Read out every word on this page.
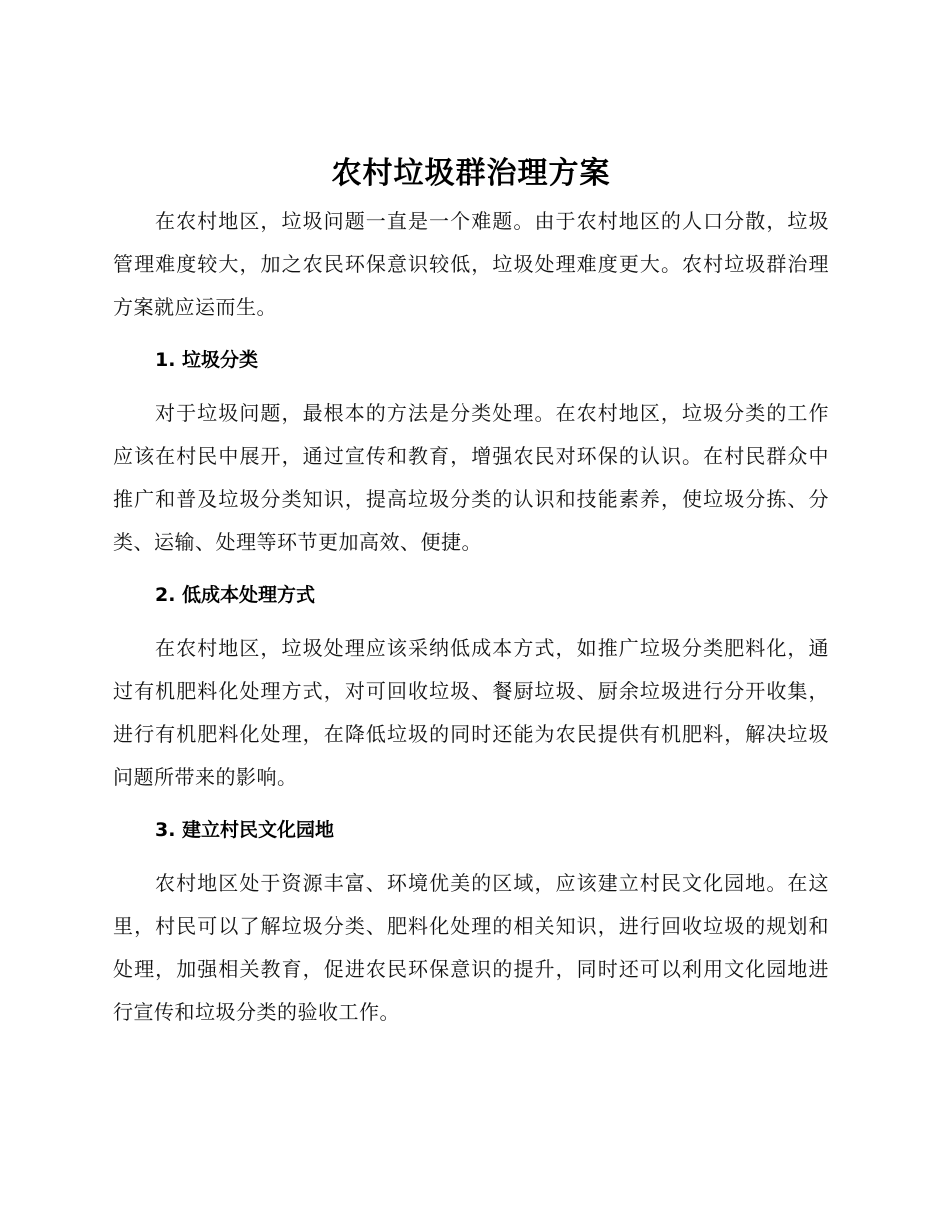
农村垃圾群治理方案

在农村地区，垃圾问题一直是一个难题。由于农村地区的人口分散，垃圾管理难度较大，加之农民环保意识较低，垃圾处理难度更大。农村垃圾群治理方案就应运而生。

1. 垃圾分类

对于垃圾问题，最根本的方法是分类处理。在农村地区，垃圾分类的工作应该在村民中展开，通过宣传和教育，增强农民对环保的认识。在村民群众中推广和普及垃圾分类知识，提高垃圾分类的认识和技能素养，使垃圾分拣、分类、运输、处理等环节更加高效、便捷。

2. 低成本处理方式

在农村地区，垃圾处理应该采纳低成本方式，如推广垃圾分类肥料化，通过有机肥料化处理方式，对可回收垃圾、餐厨垃圾、厨余垃圾进行分开收集，进行有机肥料化处理，在降低垃圾的同时还能为农民提供有机肥料，解决垃圾问题所带来的影响。

3. 建立村民文化园地

农村地区处于资源丰富、环境优美的区域，应该建立村民文化园地。在这里，村民可以了解垃圾分类、肥料化处理的相关知识，进行回收垃圾的规划和处理，加强相关教育，促进农民环保意识的提升，同时还可以利用文化园地进行宣传和垃圾分类的验收工作。
